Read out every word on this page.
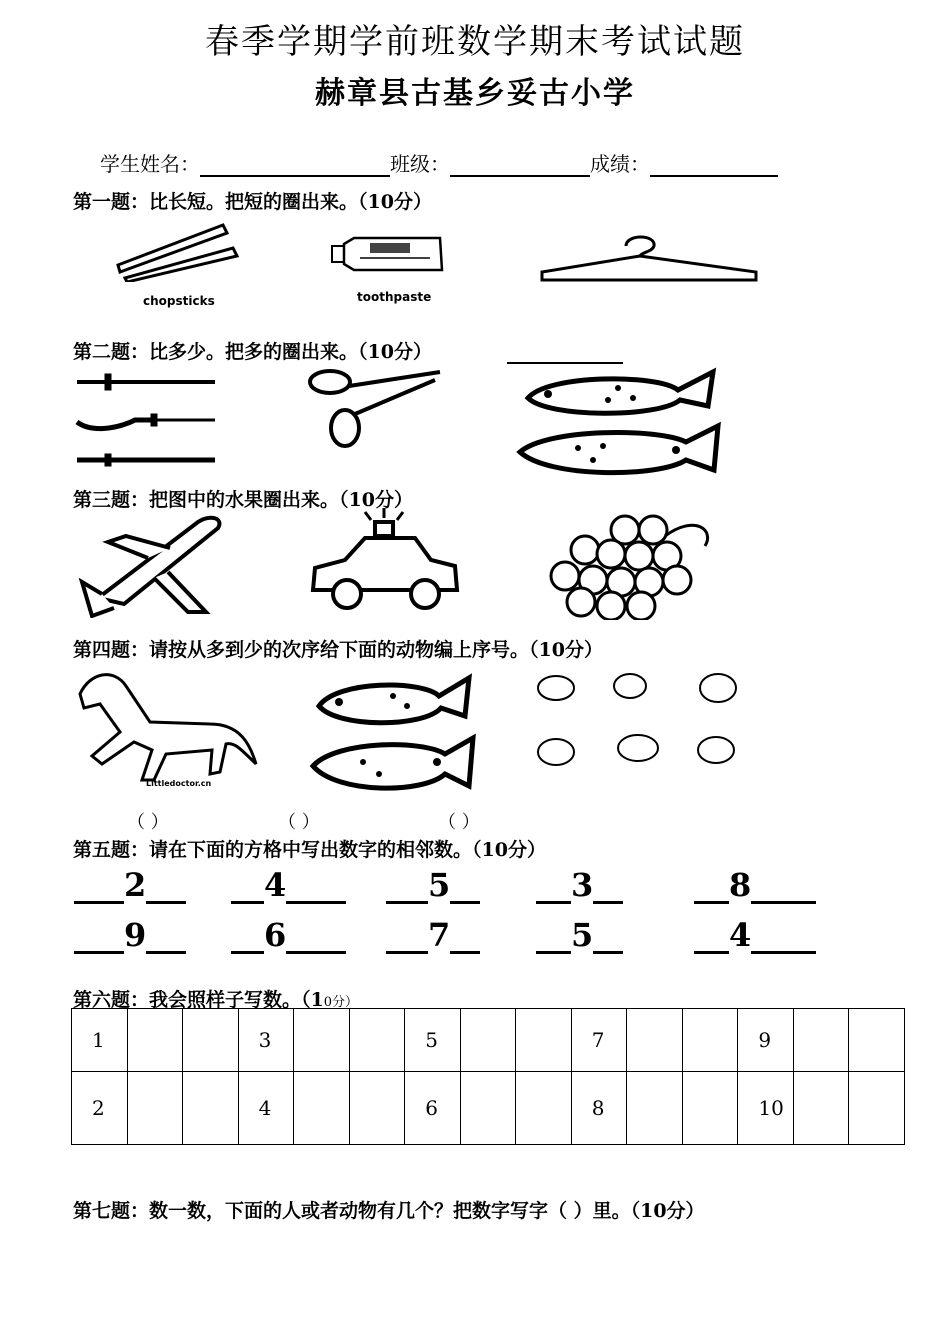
春季学期学前班数学期末考试试题
赫章县古基乡妥古小学
学生姓名：	班级：	成绩：
第一题：比长短。把短的圈出来。（10分）
chopsticks	toothpaste
第二题：比多少。把多的圈出来。（10分）
第三题：把图中的水果圈出来。（10分）
第四题：请按从多到少的次序给下面的动物编上序号。（10分）
Littledoctor.cn
（ ）	（ ）	（ ）
第五题：请在下面的方格中写出数字的相邻数。（10分）
2	4	5	3	8
9	6	7	5	4
第六题：我会照样子写数。（10分）
1			3			5			7			9		
2			4			6			8			10		
第七题：数一数，下面的人或者动物有几个？把数字写字（ ）里。（10分）
